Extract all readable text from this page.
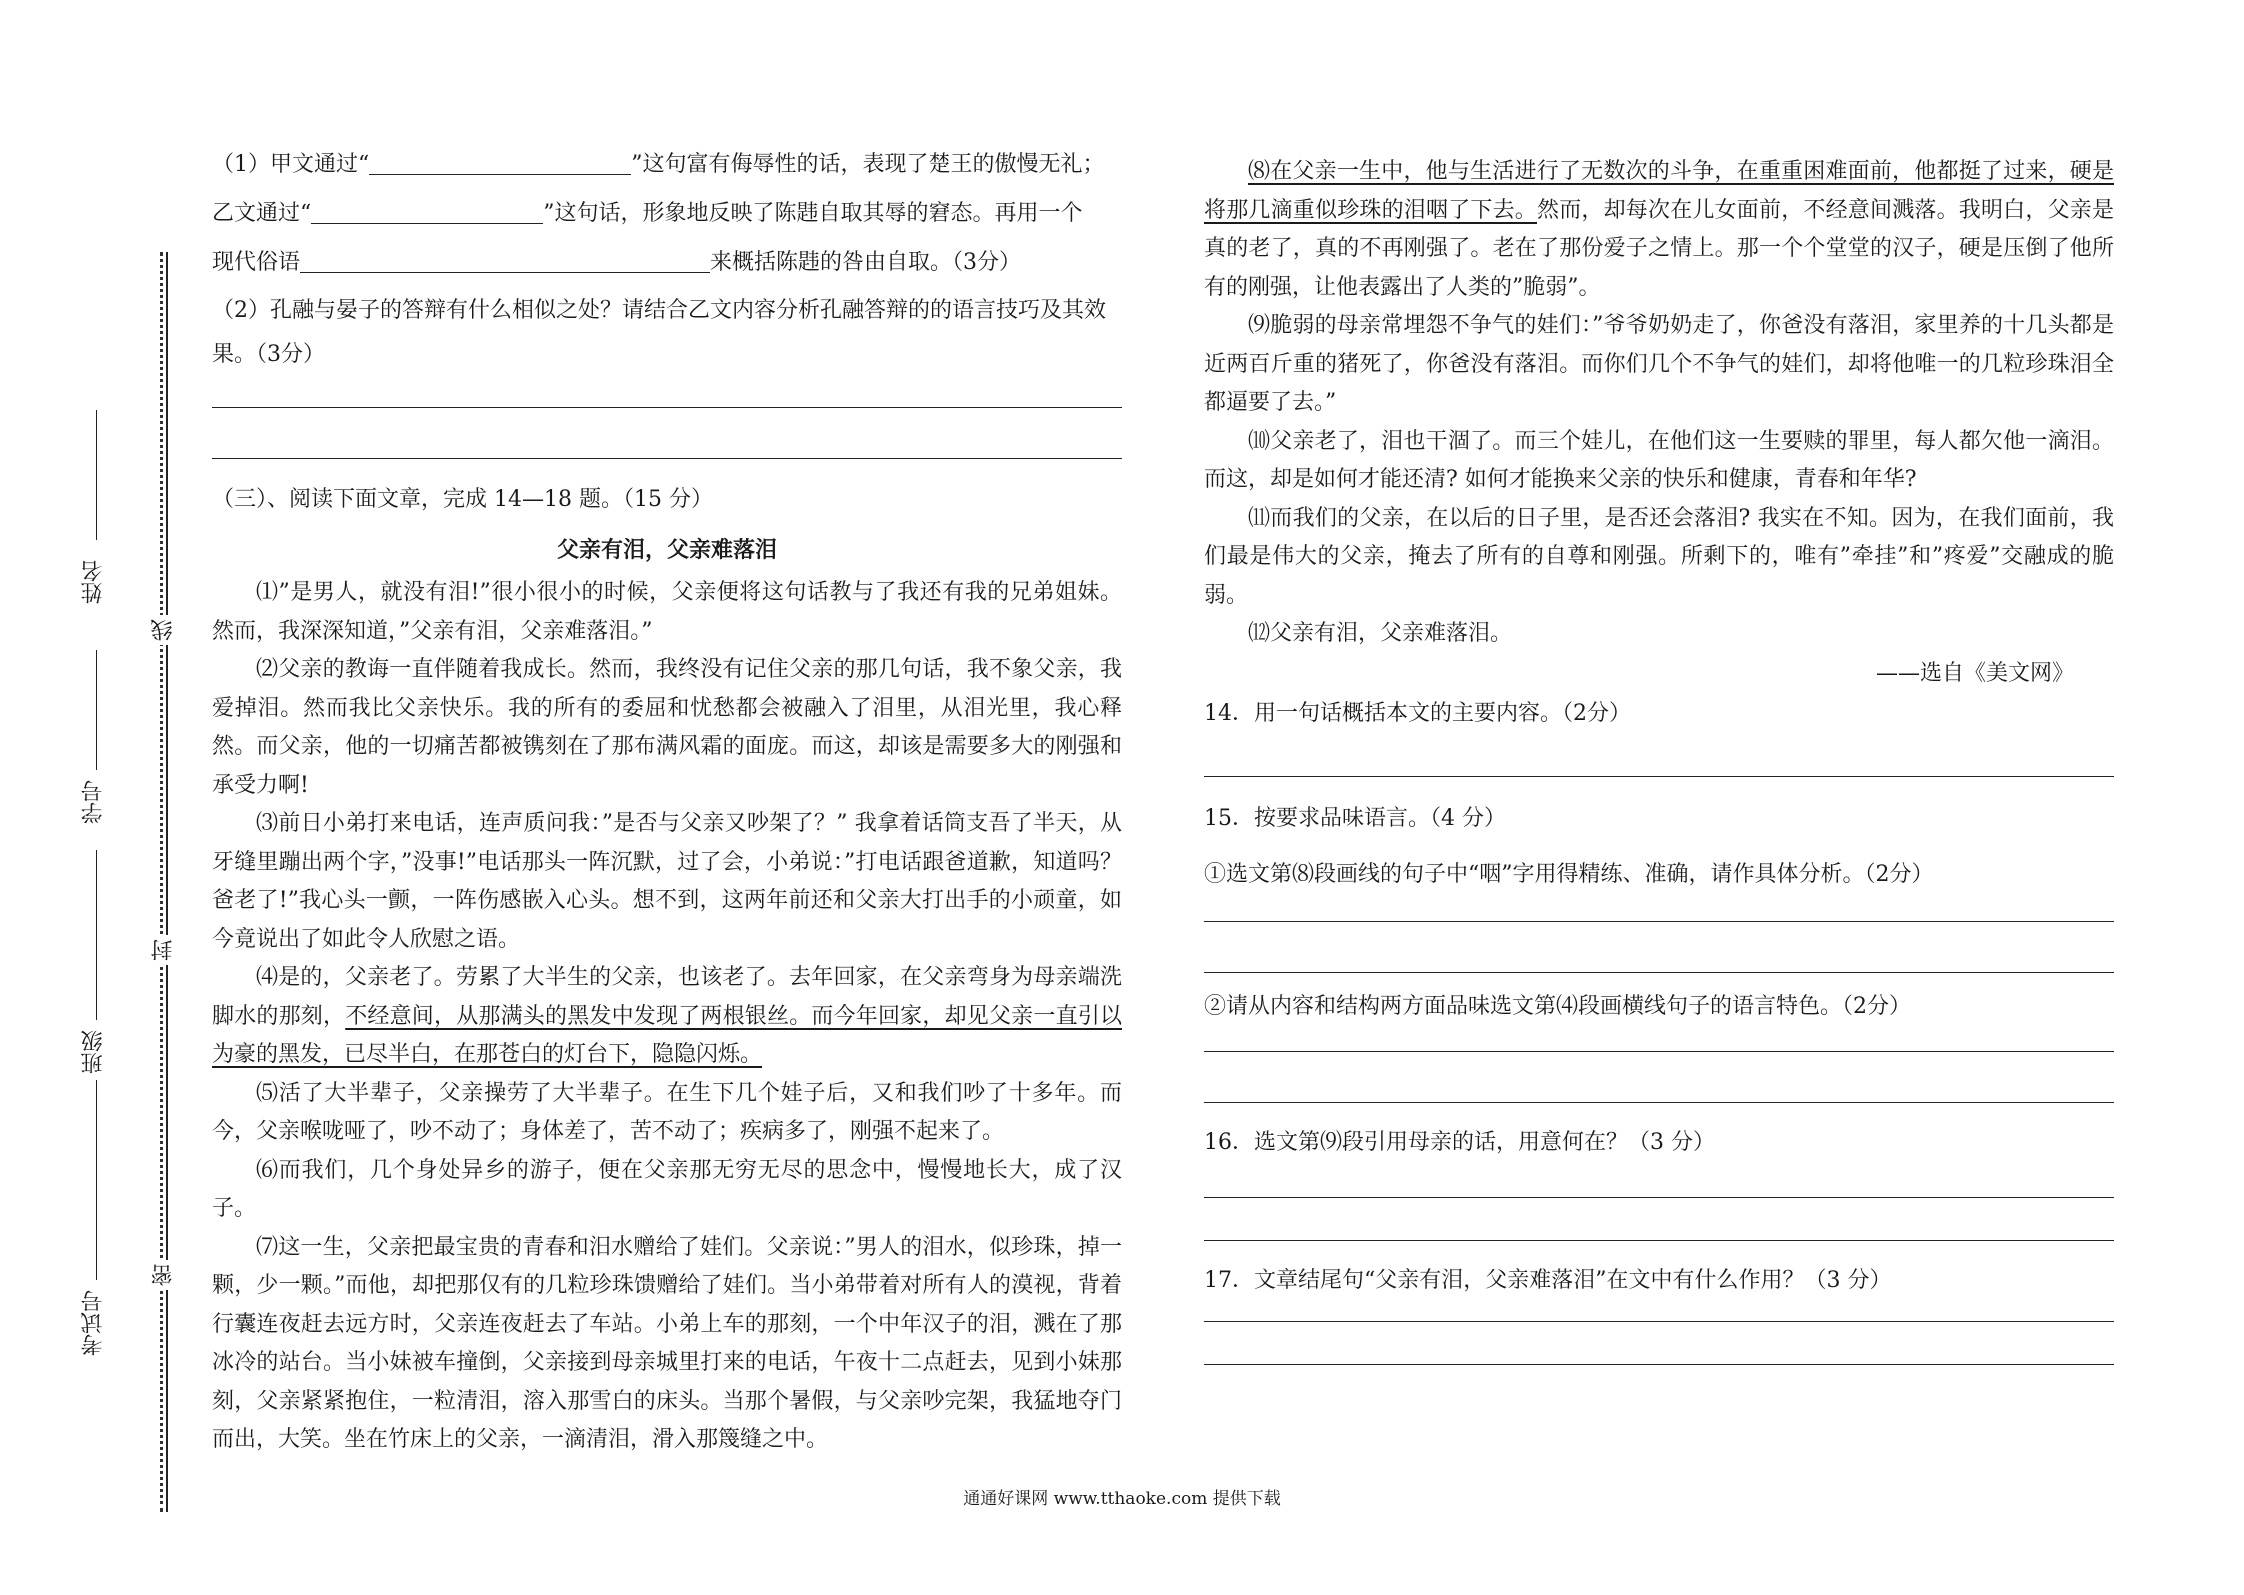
姓名
学号
班级
考试号
线
封
密
（1）甲文通过“	”这句富有侮辱性的话，表现了楚王的傲慢无礼；
乙文通过“	”这句话，形象地反映了陈韪自取其辱的窘态。再用一个
现代俗语	来概括陈韪的咎由自取。（3分）
（2）孔融与晏子的答辩有什么相似之处？请结合乙文内容分析孔融答辩的的语言技巧及其效果。（3分）
（三）、阅读下面文章，完成 14—18 题。（15 分）
父亲有泪，父亲难落泪

⑴”是男人，就没有泪!”很小很小的时候，父亲便将这句话教与了我还有我的兄弟姐妹。然而，我深深知道，”父亲有泪，父亲难落泪。”

⑵父亲的教诲一直伴随着我成长。然而，我终没有记住父亲的那几句话，我不象父亲，我爱掉泪。然而我比父亲快乐。我的所有的委屈和忧愁都会被融入了泪里，从泪光里，我心释然。而父亲，他的一切痛苦都被镌刻在了那布满风霜的面庞。而这，却该是需要多大的刚强和承受力啊!

⑶前日小弟打来电话，连声质问我：”是否与父亲又吵架了？” 我拿着话筒支吾了半天，从牙缝里蹦出两个字，”没事!”电话那头一阵沉默，过了会，小弟说：”打电话跟爸道歉，知道吗？爸老了!”我心头一颤，一阵伤感嵌入心头。想不到，这两年前还和父亲大打出手的小顽童，如今竟说出了如此令人欣慰之语。

⑷是的，父亲老了。劳累了大半生的父亲，也该老了。去年回家，在父亲弯身为母亲端洗脚水的那刻，不经意间，从那满头的黑发中发现了两根银丝。而今年回家，却见父亲一直引以为豪的黑发，已尽半白，在那苍白的灯台下，隐隐闪烁。

⑸活了大半辈子，父亲操劳了大半辈子。在生下几个娃子后，又和我们吵了十多年。而今，父亲喉咙哑了，吵不动了；身体差了，苦不动了；疾病多了，刚强不起来了。

⑹而我们，几个身处异乡的游子，便在父亲那无穷无尽的思念中，慢慢地长大，成了汉子。

⑺这一生，父亲把最宝贵的青春和汨水赠给了娃们。父亲说：”男人的泪水，似珍珠，掉一颗，少一颗。”而他，却把那仅有的几粒珍珠馈赠给了娃们。当小弟带着对所有人的漠视，背着行囊连夜赶去远方时，父亲连夜赶去了车站。小弟上车的那刻，一个中年汉子的泪，溅在了那冰冷的站台。当小妹被车撞倒，父亲接到母亲城里打来的电话，午夜十二点赶去，见到小妹那刻，父亲紧紧抱住，一粒清泪，溶入那雪白的床头。当那个暑假，与父亲吵完架，我猛地夺门而出，大笑。坐在竹床上的父亲，一滴清泪，滑入那篾缝之中。

⑻在父亲一生中，他与生活进行了无数次的斗争，在重重困难面前，他都挺了过来，硬是将那几滴重似珍珠的泪咽了下去。然而，却每次在儿女面前，不经意间溅落。我明白，父亲是真的老了，真的不再刚强了。老在了那份爱子之情上。那一个个堂堂的汉子，硬是压倒了他所有的刚强，让他表露出了人类的”脆弱”。

⑼脆弱的母亲常埋怨不争气的娃们：”爷爷奶奶走了，你爸没有落泪，家里养的十几头都是近两百斤重的猪死了，你爸没有落泪。而你们几个不争气的娃们，却将他唯一的几粒珍珠泪全都逼要了去。”

⑽父亲老了，泪也干涸了。而三个娃儿，在他们这一生要赎的罪里，每人都欠他一滴泪。而这，却是如何才能还清? 如何才能换来父亲的快乐和健康，青春和年华?

⑾而我们的父亲，在以后的日子里，是否还会落泪? 我实在不知。因为，在我们面前，我们最是伟大的父亲，掩去了所有的自尊和刚强。所剩下的，唯有”牵挂”和”疼爱”交融成的脆弱。

⑿父亲有泪，父亲难落泪。

——选自《美文网》
14．用一句话概括本文的主要内容。（2分）
15．按要求品味语言。（4 分）
①选文第⑻段画线的句子中“咽”字用得精练、准确，请作具体分析。（2分）
②请从内容和结构两方面品味选文第⑷段画横线句子的语言特色。（2分）
16．选文第⑼段引用母亲的话，用意何在？（3 分）
17．文章结尾句“父亲有泪，父亲难落泪”在文中有什么作用？（3 分）
通通好课网 www.tthaoke.com 提供下载
